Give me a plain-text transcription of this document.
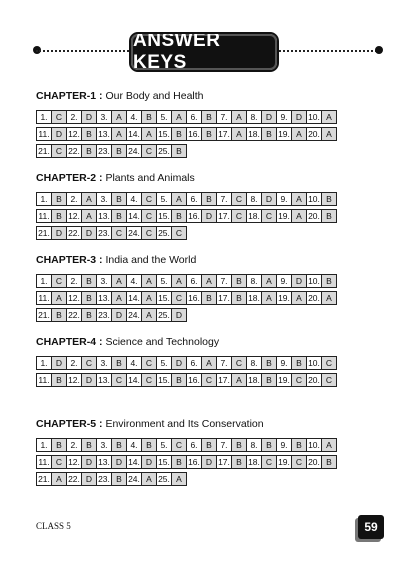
ANSWER KEYS
CHAPTER-1 : Our Body and Health
1. C 2. D 3.	A	4.	B	5.	A	6.	B	7.	A	8. D 9. D 10. A
11. D 12. B 13. A 14. A 15. B 16. B 17. A 18. B 19. A 20. A
21. C 22. B 23. B 24. C 25. B
CHAPTER-2 : Plants and Animals
1.	B	2.	A	3.	B	4. C 5.	A	6.	B	7. C 8. D 9.	A 10. B
11. B 12. A 13. B 14. C 15. B 16. D 17. C 18. C 19. A 20. B
21. D 22. D 23. C 24. C 25. C
CHAPTER-3 : India and the World
1. C 2.	B	3.	A	4.	A	5.	A	6.	A	7.	B	8.	A	9. D 10. B
11. A 12. B 13. A 14. A 15. C 16. B 17. B 18. A 19. A 20. A
21. B 22. B 23. D 24. A 25. D
CHAPTER-4 : Science and Technology
1. D 2. C 3.	B	4. C 5. D 6.	A	7. C 8.	B	9.	B 10. C
11. B 12. D 13. C 14. C 15. B 16. C 17. A 18. B 19. C 20. C
CHAPTER-5 : Environment and Its Conservation
1.	B	2.	B	3.	B	4.	B	5. C 6.	B	7.	B	8.	B	9.	B 10. A
11. C 12. D 13. D 14. D 15. B 16. D 17. B 18. C 19. C 20. B
21. A 22. D 23. B 24. A 25. A
CLASS 5	59
